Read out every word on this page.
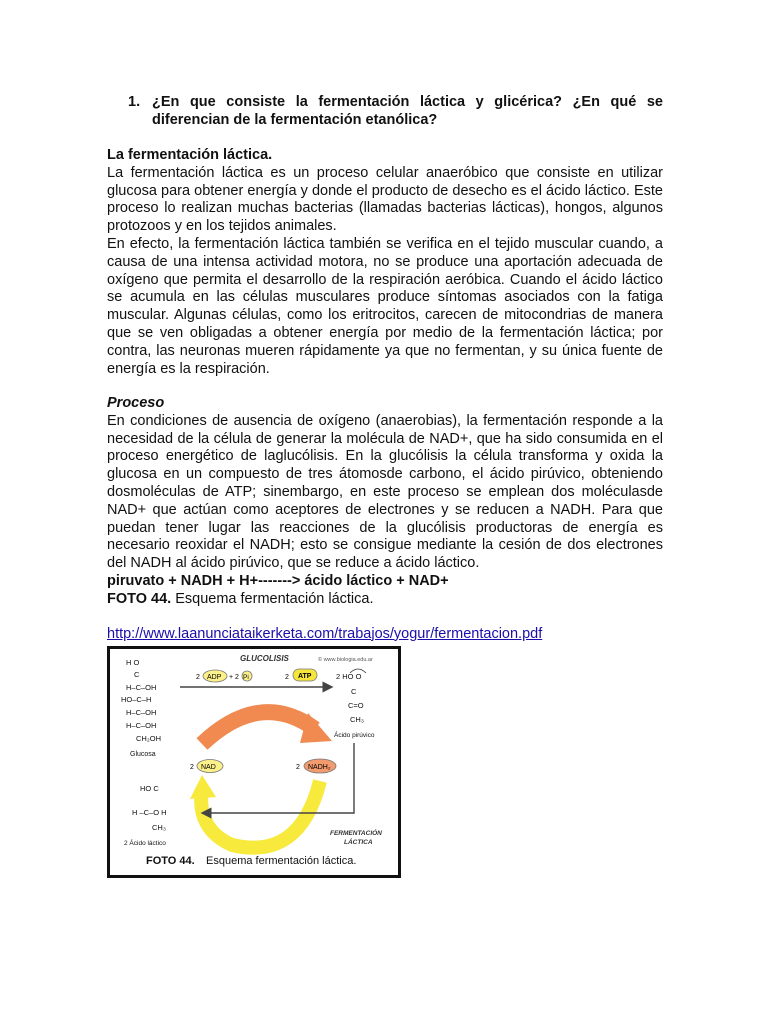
1. ¿En que consiste la fermentación láctica y glicérica? ¿En qué se diferencian de la fermentación etanólica?

La fermentación láctica.

La fermentación láctica es un proceso celular anaeróbico que consiste en utilizar glucosa para obtener energía y donde el producto de desecho es el ácido láctico. Este proceso lo realizan muchas bacterias (llamadas bacterias lácticas), hongos, algunos protozoos y en los tejidos animales.

En efecto, la fermentación láctica también se verifica en el tejido muscular cuando, a causa de una intensa actividad motora, no se produce una aportación adecuada de oxígeno que permita el desarrollo de la respiración aeróbica. Cuando el ácido láctico se acumula en las células musculares produce síntomas asociados con la fatiga muscular. Algunas células, como los eritrocitos, carecen de mitocondrias de manera que se ven obligadas a obtener energía por medio de la fermentación láctica; por contra, las neuronas mueren rápidamente ya que no fermentan, y su única fuente de energía es la respiración.

Proceso

En condiciones de ausencia de oxígeno (anaerobias), la fermentación responde a la necesidad de la célula de generar la molécula de NAD+, que ha sido consumida en el proceso energético de laglucólisis. En la glucólisis la célula transforma y oxida la glucosa en un compuesto de tres átomosde carbono, el ácido pirúvico, obteniendo dosmoléculas de ATP; sinembargo, en este proceso se emplean dos moléculasde NAD+ que actúan como aceptores de electrones y se reducen a NADH. Para que puedan tener lugar las reacciones de la glucólisis productoras de energía es necesario reoxidar el NADH; esto se consigue mediante la cesión de dos electrones del NADH al ácido pirúvico, que se reduce a ácido láctico.

piruvato + NADH + H+-------> ácido láctico + NAD+

FOTO 44. Esquema fermentación láctica.

http://www.laanunciataikerketa.com/trabajos/yogur/fermentacion.pdf

GLUCOLISIS	© www.biologia.edu.ar
H O
C
H–C–OH
HO–C–H
H–C–OH
H–C–OH
CH₂OH
Glucosa
2 ADP + 2 Pi	2 ATP	2 HO O
C
C=O
CH₃
Ácido pirúvico
2 NAD	2 NADH₂
HO C
H –C–O H
CH₃
2 Ácido láctico
FERMENTACIÓN
LÁCTICA
FOTO 44. Esquema fermentación láctica.
